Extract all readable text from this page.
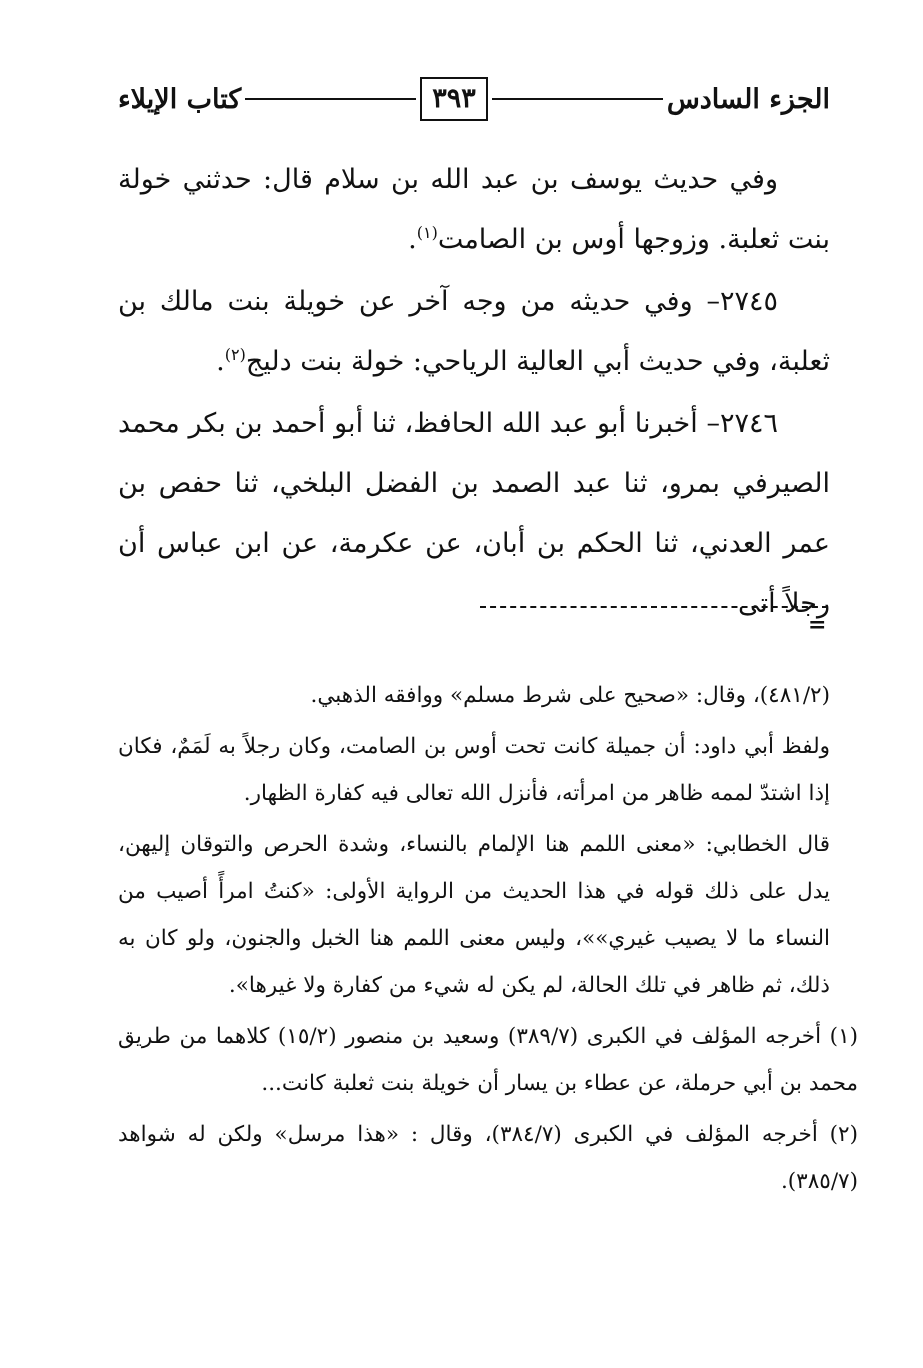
الجزء السادس
٣٩٣
كتاب الإيلاء

وفي حديث يوسف بن عبد الله بن سلام قال: حدثني خولة بنت ثعلبة. وزوجها أوس بن الصامت$^{(١)}$.

٢٧٤٥– وفي حديثه من وجه آخر عن خويلة بنت مالك بن ثعلبة، وفي حديث أبي العالية الرياحي: خولة بنت دليج$^{(٢)}$.

٢٧٤٦– أخبرنا أبو عبد الله الحافظ، ثنا أبو أحمد بن بكر محمد الصيرفي بمرو، ثنا عبد الصمد بن الفضل البلخي، ثنا حفص بن عمر العدني، ثنا الحكم بن أبان، عن عكرمة، عن ابن عباس أن رجلاً أتى

=

(٤٨١/٢)، وقال: «صحيح على شرط مسلم» ووافقه الذهبي.

ولفظ أبي داود: أن جميلة كانت تحت أوس بن الصامت، وكان رجلاً به لَمَمٌ، فكان إذا اشتدّ لممه ظاهر من امرأته، فأنزل الله تعالى فيه كفارة الظهار.

قال الخطابي: «معنى اللمم هنا الإلمام بالنساء، وشدة الحرص والتوقان إليهن، يدل على ذلك قوله في هذا الحديث من الرواية الأولى: «كنتُ امرأً أصيب من النساء ما لا يصيب غيري»»، وليس معنى اللمم هنا الخبل والجنون، ولو كان به ذلك، ثم ظاهر في تلك الحالة، لم يكن له شيء من كفارة ولا غيرها».

(١) أخرجه المؤلف في الكبرى (٣٨٩/٧) وسعيد بن منصور (١٥/٢) كلاهما من طريق محمد بن أبي حرملة، عن عطاء بن يسار أن خويلة بنت ثعلبة كانت...

(٢) أخرجه المؤلف في الكبرى (٣٨٤/٧)، وقال : «هذا مرسل» ولكن له شواهد (٣٨٥/٧).
